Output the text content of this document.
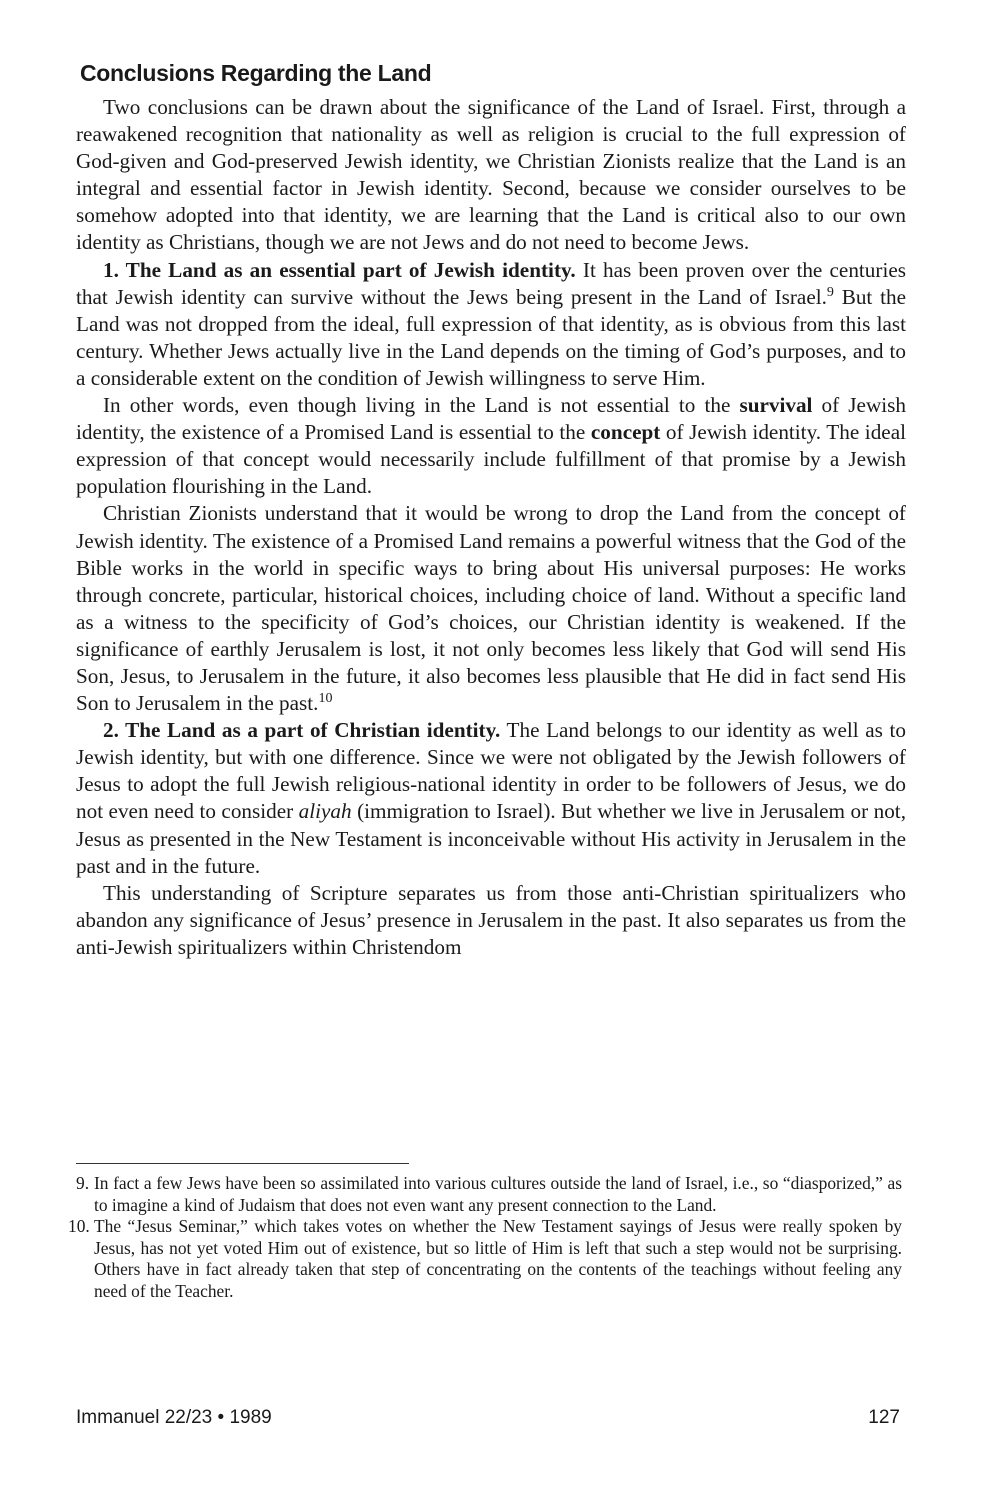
Conclusions Regarding the Land

Two conclusions can be drawn about the significance of the Land of Israel. First, through a reawakened recognition that nationality as well as religion is crucial to the full expression of God-given and God-preserved Jewish identity, we Christian Zionists realize that the Land is an integral and essential factor in Jewish identity. Second, because we consider ourselves to be somehow adopted into that identity, we are learning that the Land is critical also to our own identity as Christians, though we are not Jews and do not need to become Jews.

1. The Land as an essential part of Jewish identity. It has been proven over the centuries that Jewish identity can survive without the Jews being present in the Land of Israel.$^9$ But the Land was not dropped from the ideal, full expression of that identity, as is obvious from this last century. Whether Jews actually live in the Land depends on the timing of God’s purposes, and to a considerable extent on the condition of Jewish willingness to serve Him.

In other words, even though living in the Land is not essential to the survival of Jewish identity, the existence of a Promised Land is essential to the concept of Jewish identity. The ideal expression of that concept would necessarily include fulfillment of that promise by a Jewish population flourishing in the Land.

Christian Zionists understand that it would be wrong to drop the Land from the concept of Jewish identity. The existence of a Promised Land remains a powerful witness that the God of the Bible works in the world in specific ways to bring about His universal purposes: He works through concrete, particular, historical choices, including choice of land. Without a specific land as a witness to the specificity of God’s choices, our Christian identity is weakened. If the significance of earthly Jerusalem is lost, it not only becomes less likely that God will send His Son, Jesus, to Jerusalem in the future, it also becomes less plausible that He did in fact send His Son to Jerusalem in the past.$^{10}$

2. The Land as a part of Christian identity. The Land belongs to our identity as well as to Jewish identity, but with one difference. Since we were not obligated by the Jewish followers of Jesus to adopt the full Jewish religious-national identity in order to be followers of Jesus, we do not even need to consider aliyah (immigration to Israel). But whether we live in Jerusalem or not, Jesus as presented in the New Testament is inconceivable without His activity in Jerusalem in the past and in the future.

This understanding of Scripture separates us from those anti-Christian spiritualizers who abandon any significance of Jesus’ presence in Jerusalem in the past. It also separates us from the anti-Jewish spiritualizers within Christendom

9. In fact a few Jews have been so assimilated into various cultures outside the land of Israel, i.e., so “diasporized,” as to imagine a kind of Judaism that does not even want any present connection to the Land.
10. The “Jesus Seminar,” which takes votes on whether the New Testament sayings of Jesus were really spoken by Jesus, has not yet voted Him out of existence, but so little of Him is left that such a step would not be surprising. Others have in fact already taken that step of concentrating on the contents of the teachings without feeling any need of the Teacher.
Immanuel 22/23 • 1989	127
